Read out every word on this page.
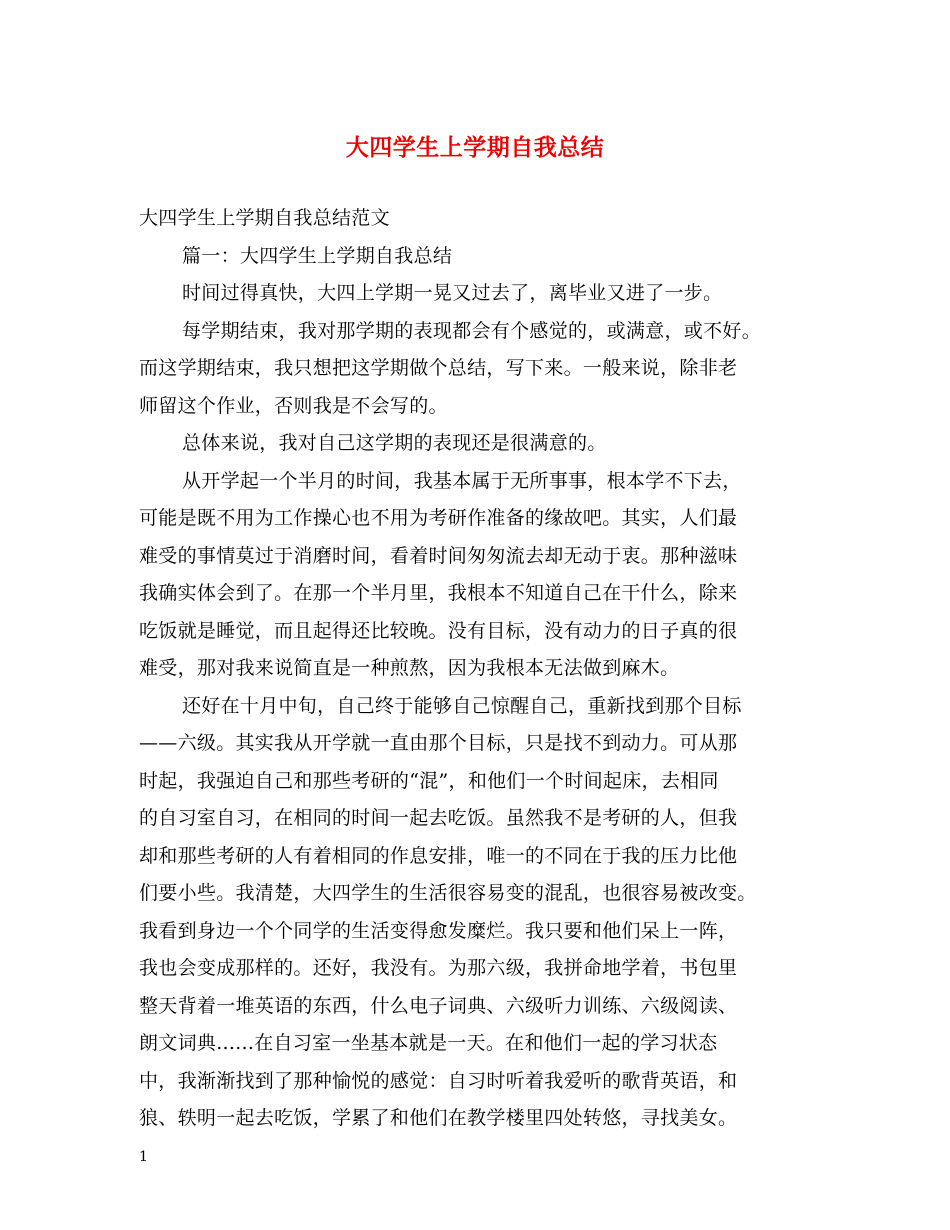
大四学生上学期自我总结
大四学生上学期自我总结范文
篇一：大四学生上学期自我总结
时间过得真快，大四上学期一晃又过去了，离毕业又进了一步。
每学期结束，我对那学期的表现都会有个感觉的，或满意，或不好。
而这学期结束，我只想把这学期做个总结，写下来。一般来说，除非老
师留这个作业，否则我是不会写的。
总体来说，我对自己这学期的表现还是很满意的。
从开学起一个半月的时间，我基本属于无所事事，根本学不下去，
可能是既不用为工作操心也不用为考研作准备的缘故吧。其实，人们最
难受的事情莫过于消磨时间，看着时间匆匆流去却无动于衷。那种滋味
我确实体会到了。在那一个半月里，我根本不知道自己在干什么，除来
吃饭就是睡觉，而且起得还比较晚。没有目标，没有动力的日子真的很
难受，那对我来说简直是一种煎熬，因为我根本无法做到麻木。
还好在十月中旬，自己终于能够自己惊醒自己，重新找到那个目标
——六级。其实我从开学就一直由那个目标，只是找不到动力。可从那
时起，我强迫自己和那些考研的“混”，和他们一个时间起床，去相同
的自习室自习，在相同的时间一起去吃饭。虽然我不是考研的人，但我
却和那些考研的人有着相同的作息安排，唯一的不同在于我的压力比他
们要小些。我清楚，大四学生的生活很容易变的混乱，也很容易被改变。
我看到身边一个个同学的生活变得愈发糜烂。我只要和他们呆上一阵，
我也会变成那样的。还好，我没有。为那六级，我拼命地学着，书包里
整天背着一堆英语的东西，什么电子词典、六级听力训练、六级阅读、
朗文词典......在自习室一坐基本就是一天。在和他们一起的学习状态
中，我渐渐找到了那种愉悦的感觉：自习时听着我爱听的歌背英语，和
狼、轶明一起去吃饭，学累了和他们在教学楼里四处转悠，寻找美女。
1
